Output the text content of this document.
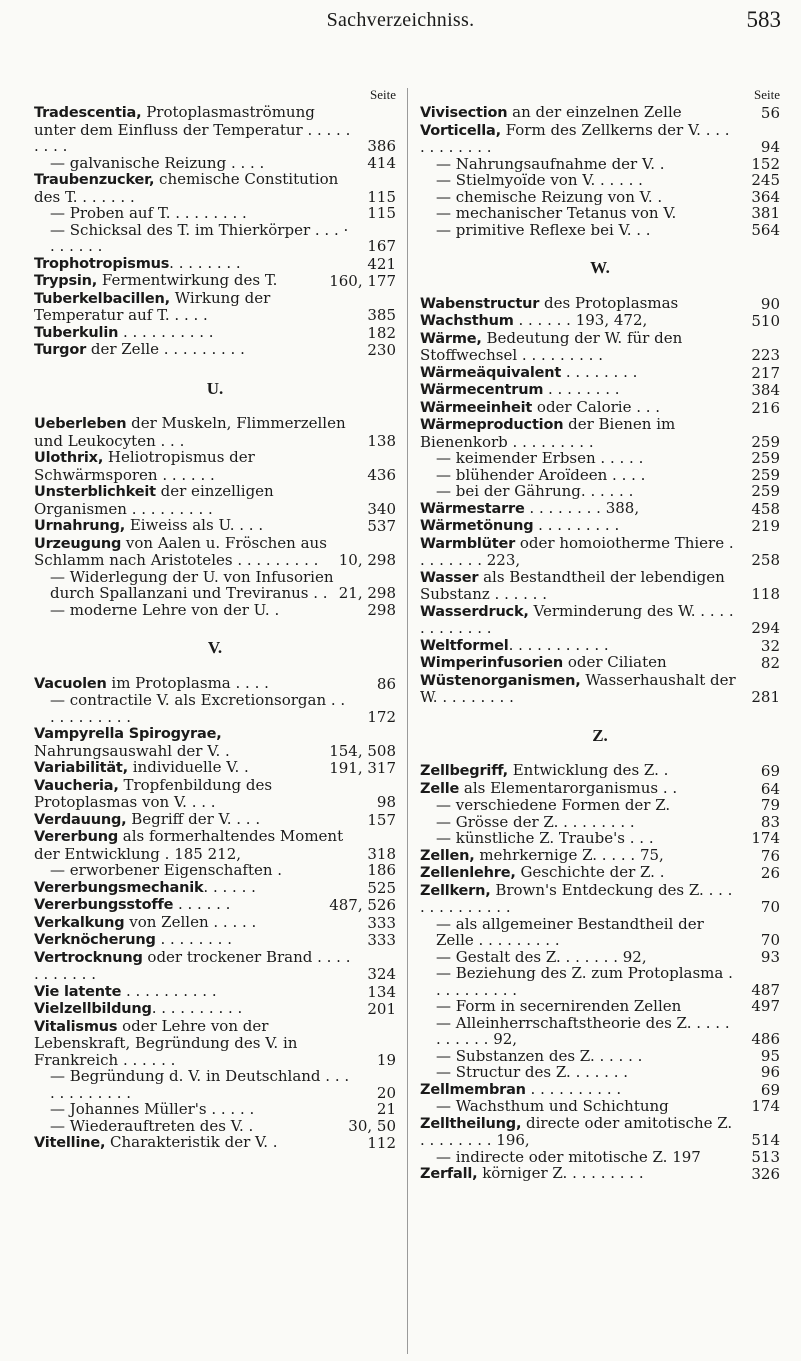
Sachverzeichniss.	583
Seite
Tradescentia, Protoplasmaströmung unter dem Einfluss der Temperatur . . . . . . . . .	386
— galvanische Reizung . . . .	414
Traubenzucker, chemische Constitution des T. . . . . . .	115
— Proben auf T. . . . . . . . .	115
— Schicksal des T. im Thierkörper . . . · . . . . . .	167
Trophotropismus. . . . . . . .	421
Trypsin, Fermentwirkung des T.	160, 177
Tuberkelbacillen, Wirkung der Temperatur auf T. . . . .	385
Tuberkulin . . . . . . . . . .	182
Turgor der Zelle . . . . . . . . .	230
U.
Ueberleben der Muskeln, Flimmerzellen und Leukocyten . . .	138
Ulothrix, Heliotropismus der Schwärmsporen . . . . . .	436
Unsterblichkeit der einzelligen Organismen . . . . . . . . .	340
Urnahrung, Eiweiss als U. . . .	537
Urzeugung von Aalen u. Fröschen aus Schlamm nach Aristoteles . . . . . . . . . 10, 298
— Widerlegung der U. von Infusorien durch Spallanzani und Treviranus . . 21, 298
— moderne Lehre von der U. .	298
V.
Vacuolen im Protoplasma . . . .	86
— contractile V. als Excretionsorgan . . . . . . . . . . .	172
Vampyrella Spirogyrae, Nahrungsauswahl der V. .	154, 508
Variabilität, individuelle V. .	191, 317
Vaucheria, Tropfenbildung des Protoplasmas von V. . . .	98
Verdauung, Begriff der V. . . .	157
Vererbung als formerhaltendes Moment der Entwicklung . 185 212,	318
— erworbener Eigenschaften .	186
Vererbungsmechanik. . . . . .	525
Vererbungsstoffe . . . . . .	487, 526
Verkalkung von Zellen . . . . .	333
Verknöcherung . . . . . . . .	333
Vertrocknung oder trockener Brand . . . . . . . . . . .	324
Vie latente . . . . . . . . . .	134
Vielzellbildung. . . . . . . . . .	201
Vitalismus oder Lehre von der Lebenskraft, Begründung des V. in Frankreich . . . . . .	19
— Begründung d. V. in Deutschland . . . . . . . . . . . .	20
— Johannes Müller's . . . . .	21
— Wiederauftreten des V. .	30, 50
Vitelline, Charakteristik der V. .	112
Seite
Vivisection an der einzelnen Zelle	56
Vorticella, Form des Zellkerns der V. . . . . . . . . . . .	94
— Nahrungsaufnahme der V. .	152
— Stielmyoïde von V. . . . . .	245
— chemische Reizung von V. .	364
— mechanischer Tetanus von V.	381
— primitive Reflexe bei V. . .	564
W.
Wabenstructur des Protoplasmas	90
Wachsthum . . . . . . 193, 472,	510
Wärme, Bedeutung der W. für den Stoffwechsel . . . . . . . . .	223
Wärmeäquivalent . . . . . . . .	217
Wärmecentrum . . . . . . . .	384
Wärmeeinheit oder Calorie . . .	216
Wärmeproduction der Bienen im Bienenkorb . . . . . . . . .	259
— keimender Erbsen . . . . .	259
— blühender Aroïdeen . . . .	259
— bei der Gährung. . . . . .	259
Wärmestarre . . . . . . . . 388,	458
Wärmetönung . . . . . . . . .	219
Warmblüter oder homoiotherme Thiere . . . . . . . . 223,	258
Wasser als Bestandtheil der lebendigen Substanz . . . . . .	118
Wasserdruck, Verminderung des W. . . . . . . . . . . . .	294
Weltformel. . . . . . . . . . .	32
Wimperinfusorien oder Ciliaten	82
Wüstenorganismen, Wasserhaushalt der W. . . . . . . . .	281
Z.
Zellbegriff, Entwicklung des Z. .	69
Zelle als Elementarorganismus . .	64
— verschiedene Formen der Z.	79
— Grösse der Z. . . . . . . . .	83
— künstliche Z. Traube's . . .	174
Zellen, mehrkernige Z. . . . . 75,	76
Zellenlehre, Geschichte der Z. .	26
Zellkern, Brown's Entdeckung des Z. . . . . . . . . . . . . .	70
— als allgemeiner Bestandtheil der Zelle . . . . . . . . .	70
— Gestalt des Z. . . . . . . 92,	93
— Beziehung des Z. zum Protoplasma . . . . . . . . . .	487
— Form in secernirenden Zellen	497
— Alleinherrschaftstheorie des Z. . . . . . . . . . . 92,	486
— Substanzen des Z. . . . . .	95
— Structur des Z. . . . . . .	96
Zellmembran . . . . . . . . . .	69
— Wachsthum und Schichtung	174
Zelltheilung, directe oder amitotische Z. . . . . . . . . 196,	514
— indirecte oder mitotische Z. 197	513
Zerfall, körniger Z. . . . . . . . .	326
